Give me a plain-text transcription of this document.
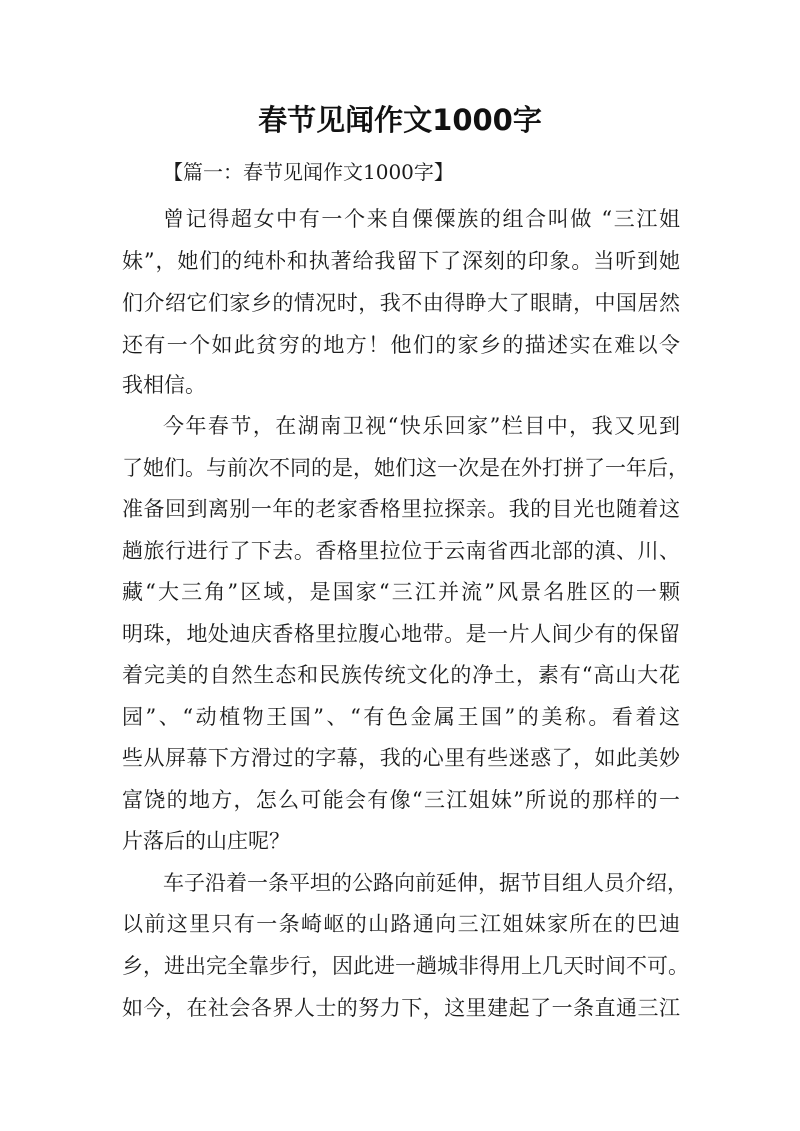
春节见闻作文1000字
【篇一：春节见闻作文1000字】
曾记得超女中有一个来自傈僳族的组合叫做 “三江姐
妹”，她们的纯朴和执著给我留下了深刻的印象。当听到她
们介绍它们家乡的情况时，我不由得睁大了眼睛，中国居然
还有一个如此贫穷的地方！他们的家乡的描述实在难以令
我相信。
今年春节，在湖南卫视“快乐回家”栏目中，我又见到
了她们。与前次不同的是，她们这一次是在外打拼了一年后，
准备回到离别一年的老家香格里拉探亲。我的目光也随着这
趟旅行进行了下去。香格里拉位于云南省西北部的滇、川、
藏“大三角”区域，是国家“三江并流”风景名胜区的一颗
明珠，地处迪庆香格里拉腹心地带。是一片人间少有的保留
着完美的自然生态和民族传统文化的净土，素有“高山大花
园”、“动植物王国”、“有色金属王国”的美称。看着这
些从屏幕下方滑过的字幕，我的心里有些迷惑了，如此美妙
富饶的地方，怎么可能会有像“三江姐妹”所说的那样的一
片落后的山庄呢？
车子沿着一条平坦的公路向前延伸，据节目组人员介绍，
以前这里只有一条崎岖的山路通向三江姐妹家所在的巴迪
乡，进出完全靠步行，因此进一趟城非得用上几天时间不可。
如今，在社会各界人士的努力下，这里建起了一条直通三江
